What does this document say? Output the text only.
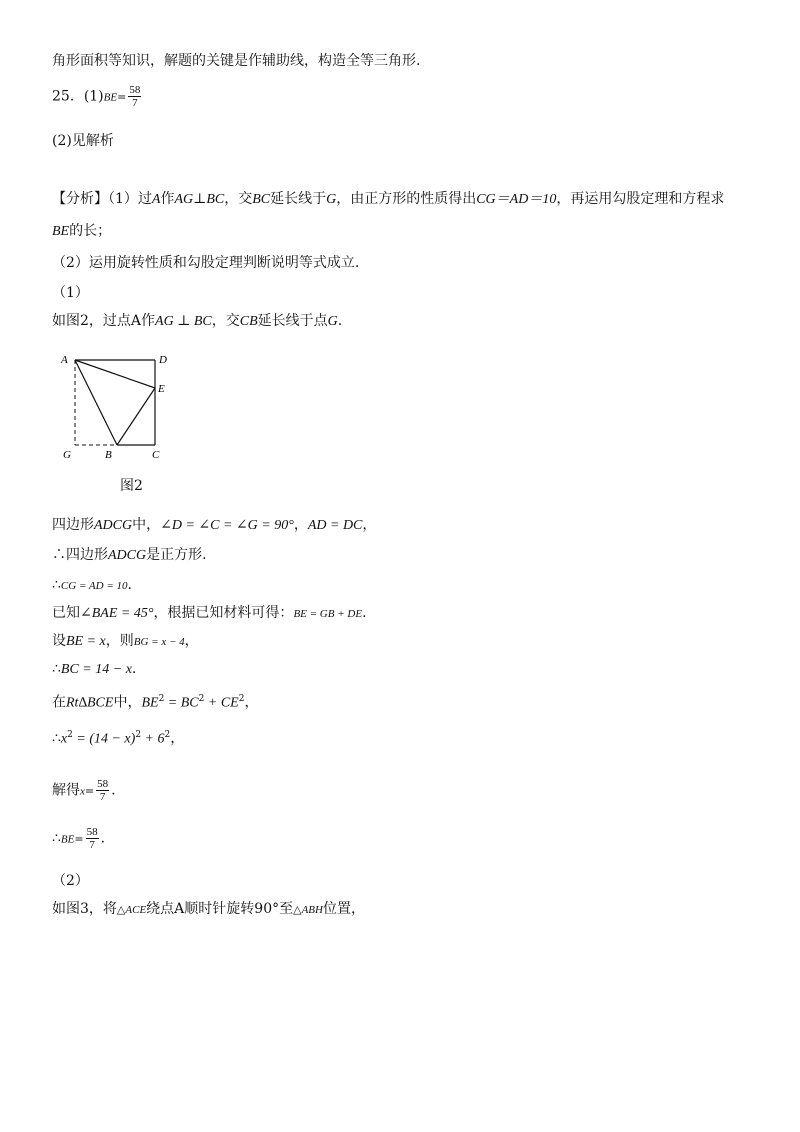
角形面积等知识，解题的关键是作辅助线，构造全等三角形.
25．$(1)BE= \frac{58}{7}$
(2)见解析
【分析】（1）过A作AG⊥BC，交BC延长线于G，由正方形的性质得出CG＝AD＝10，再运用勾股定理和方程求
BE的长；
（2）运用旋转性质和勾股定理判断说明等式成立.
（1）
如图2，过点A作AG ⊥ BC，交CB延长线于点G.
A	D
E
G	B	C
图2
四边形ADCG中，∠D = ∠C = ∠G = 90°，AD = DC，
∴四边形ADCG是正方形.
∴CG = AD = 10.
已知∠BAE = 45°，根据已知材料可得：BE = GB + DE.
设BE = x，则BG = x − 4，
∴BC = 14 − x.
在Rt∆BCE中，$BE^2 = BC^2 + CE^2$，
$\therefore x^2 = (14 - x)^2 + 6^2$，
解得$x= \frac{58}{7}$ .
∴BE= $\frac{58}{7}$ .
（2）
如图3，将△ACE绕点A顺时针旋转90°至△ABH位置，
